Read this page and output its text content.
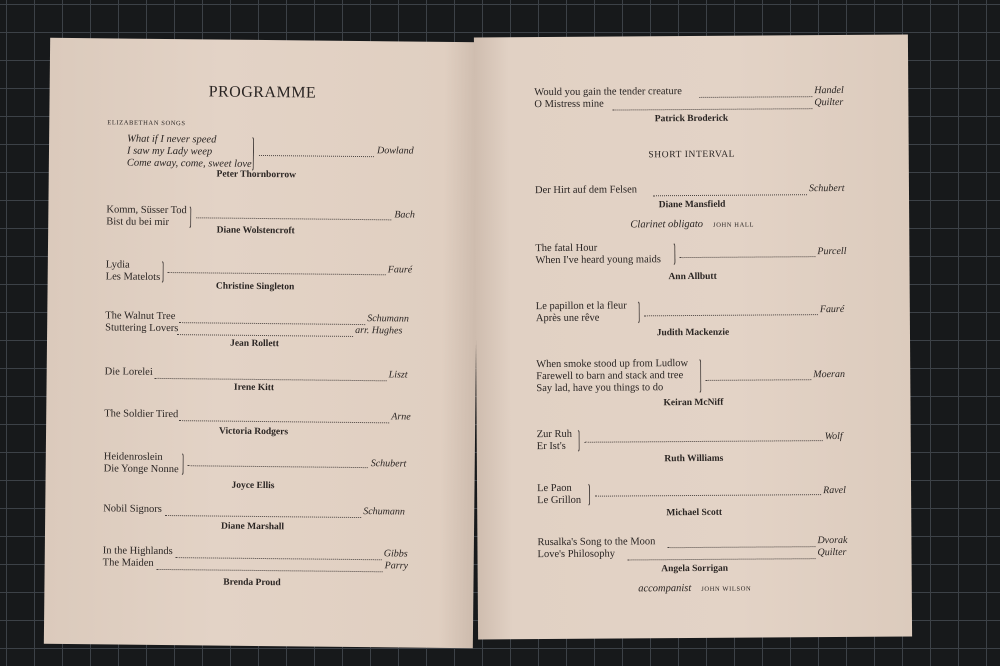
PROGRAMME
ELIZABETHAN SONGS
What if I never speed
I saw my Lady weep
Come away, come, sweet love
Dowland
Peter Thornborrow
Komm, Süsser Tod
Bist du bei mir
Bach
Diane Wolstencroft
Lydia
Les Matelots
Fauré
Christine Singleton
The Walnut Tree	Schumann
Stuttering Lovers	arr. Hughes
Jean Rollett
Die Lorelei	Liszt
Irene Kitt
The Soldier Tired	Arne
Victoria Rodgers
Heidenroslein
Die Yonge Nonne	Schubert
Joyce Ellis
Nobil Signors	Schumann
Diane Marshall
In the Highlands	Gibbs
The Maiden	Parry
Brenda Proud
Would you gain the tender creature	Handel
O Mistress mine	Quilter
Patrick Broderick
SHORT INTERVAL
Der Hirt auf dem Felsen	Schubert
Diane Mansfield
Clarinet obligato JOHN HALL
The fatal Hour
When I've heard young maids
Purcell
Ann Allbutt
Le papillon et la fleur
Après une rêve
Fauré
Judith Mackenzie
When smoke stood up from Ludlow
Farewell to barn and stack and tree
Say lad, have you things to do
Moeran
Keiran McNiff
Zur Ruh
Er Ist's
Wolf
Ruth Williams
Le Paon
Le Grillon
Ravel
Michael Scott
Rusalka's Song to the Moon	Dvorak
Love's Philosophy	Quilter
Angela Sorrigan
accompanist JOHN WILSON
